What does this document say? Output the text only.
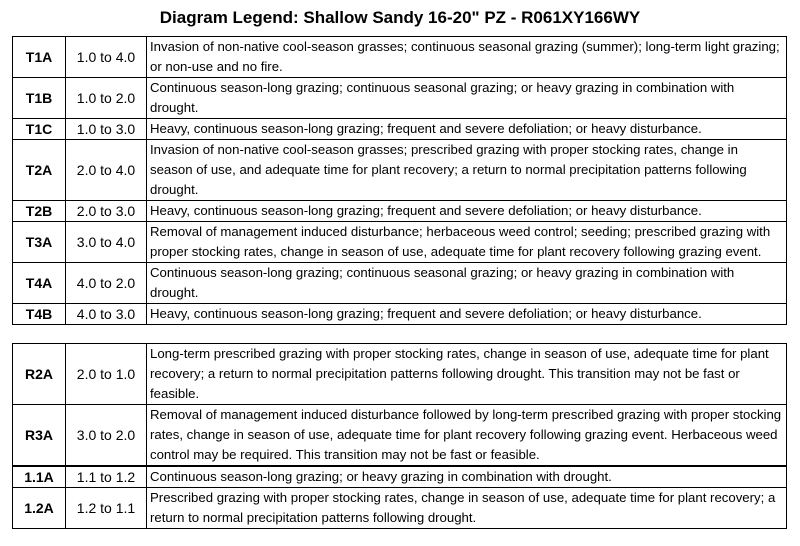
Diagram Legend: Shallow Sandy 16-20" PZ - R061XY166WY
T1A	1.0 to 4.0	Invasion of non-native cool-season grasses; continuous seasonal grazing (summer); long-term light grazing; or non-use and no fire.
T1B	1.0 to 2.0	Continuous season-long grazing; continuous seasonal grazing; or heavy grazing in combination with drought.
T1C	1.0 to 3.0	Heavy, continuous season-long grazing; frequent and severe defoliation; or heavy disturbance.
T2A	2.0 to 4.0	Invasion of non-native cool-season grasses; prescribed grazing with proper stocking rates, change in season of use, and adequate time for plant recovery; a return to normal precipitation patterns following drought.
T2B	2.0 to 3.0	Heavy, continuous season-long grazing; frequent and severe defoliation; or heavy disturbance.
T3A	3.0 to 4.0	Removal of management induced disturbance; herbaceous weed control; seeding; prescribed grazing with proper stocking rates, change in season of use, adequate time for plant recovery following grazing event.
T4A	4.0 to 2.0	Continuous season-long grazing; continuous seasonal grazing; or heavy grazing in combination with drought.
T4B	4.0 to 3.0	Heavy, continuous season-long grazing; frequent and severe defoliation; or heavy disturbance.
R2A	2.0 to 1.0	Long-term prescribed grazing with proper stocking rates, change in season of use, adequate time for plant recovery; a return to normal precipitation patterns following drought. This transition may not be fast or feasible.
R3A	3.0 to 2.0	Removal of management induced disturbance followed by long-term prescribed grazing with proper stocking rates, change in season of use, adequate time for plant recovery following grazing event. Herbaceous weed control may be required. This transition may not be fast or feasible.
1.1A	1.1 to 1.2	Continuous season-long grazing; or heavy grazing in combination with drought.
1.2A	1.2 to 1.1	Prescribed grazing with proper stocking rates, change in season of use, adequate time for plant recovery; a return to normal precipitation patterns following drought.
